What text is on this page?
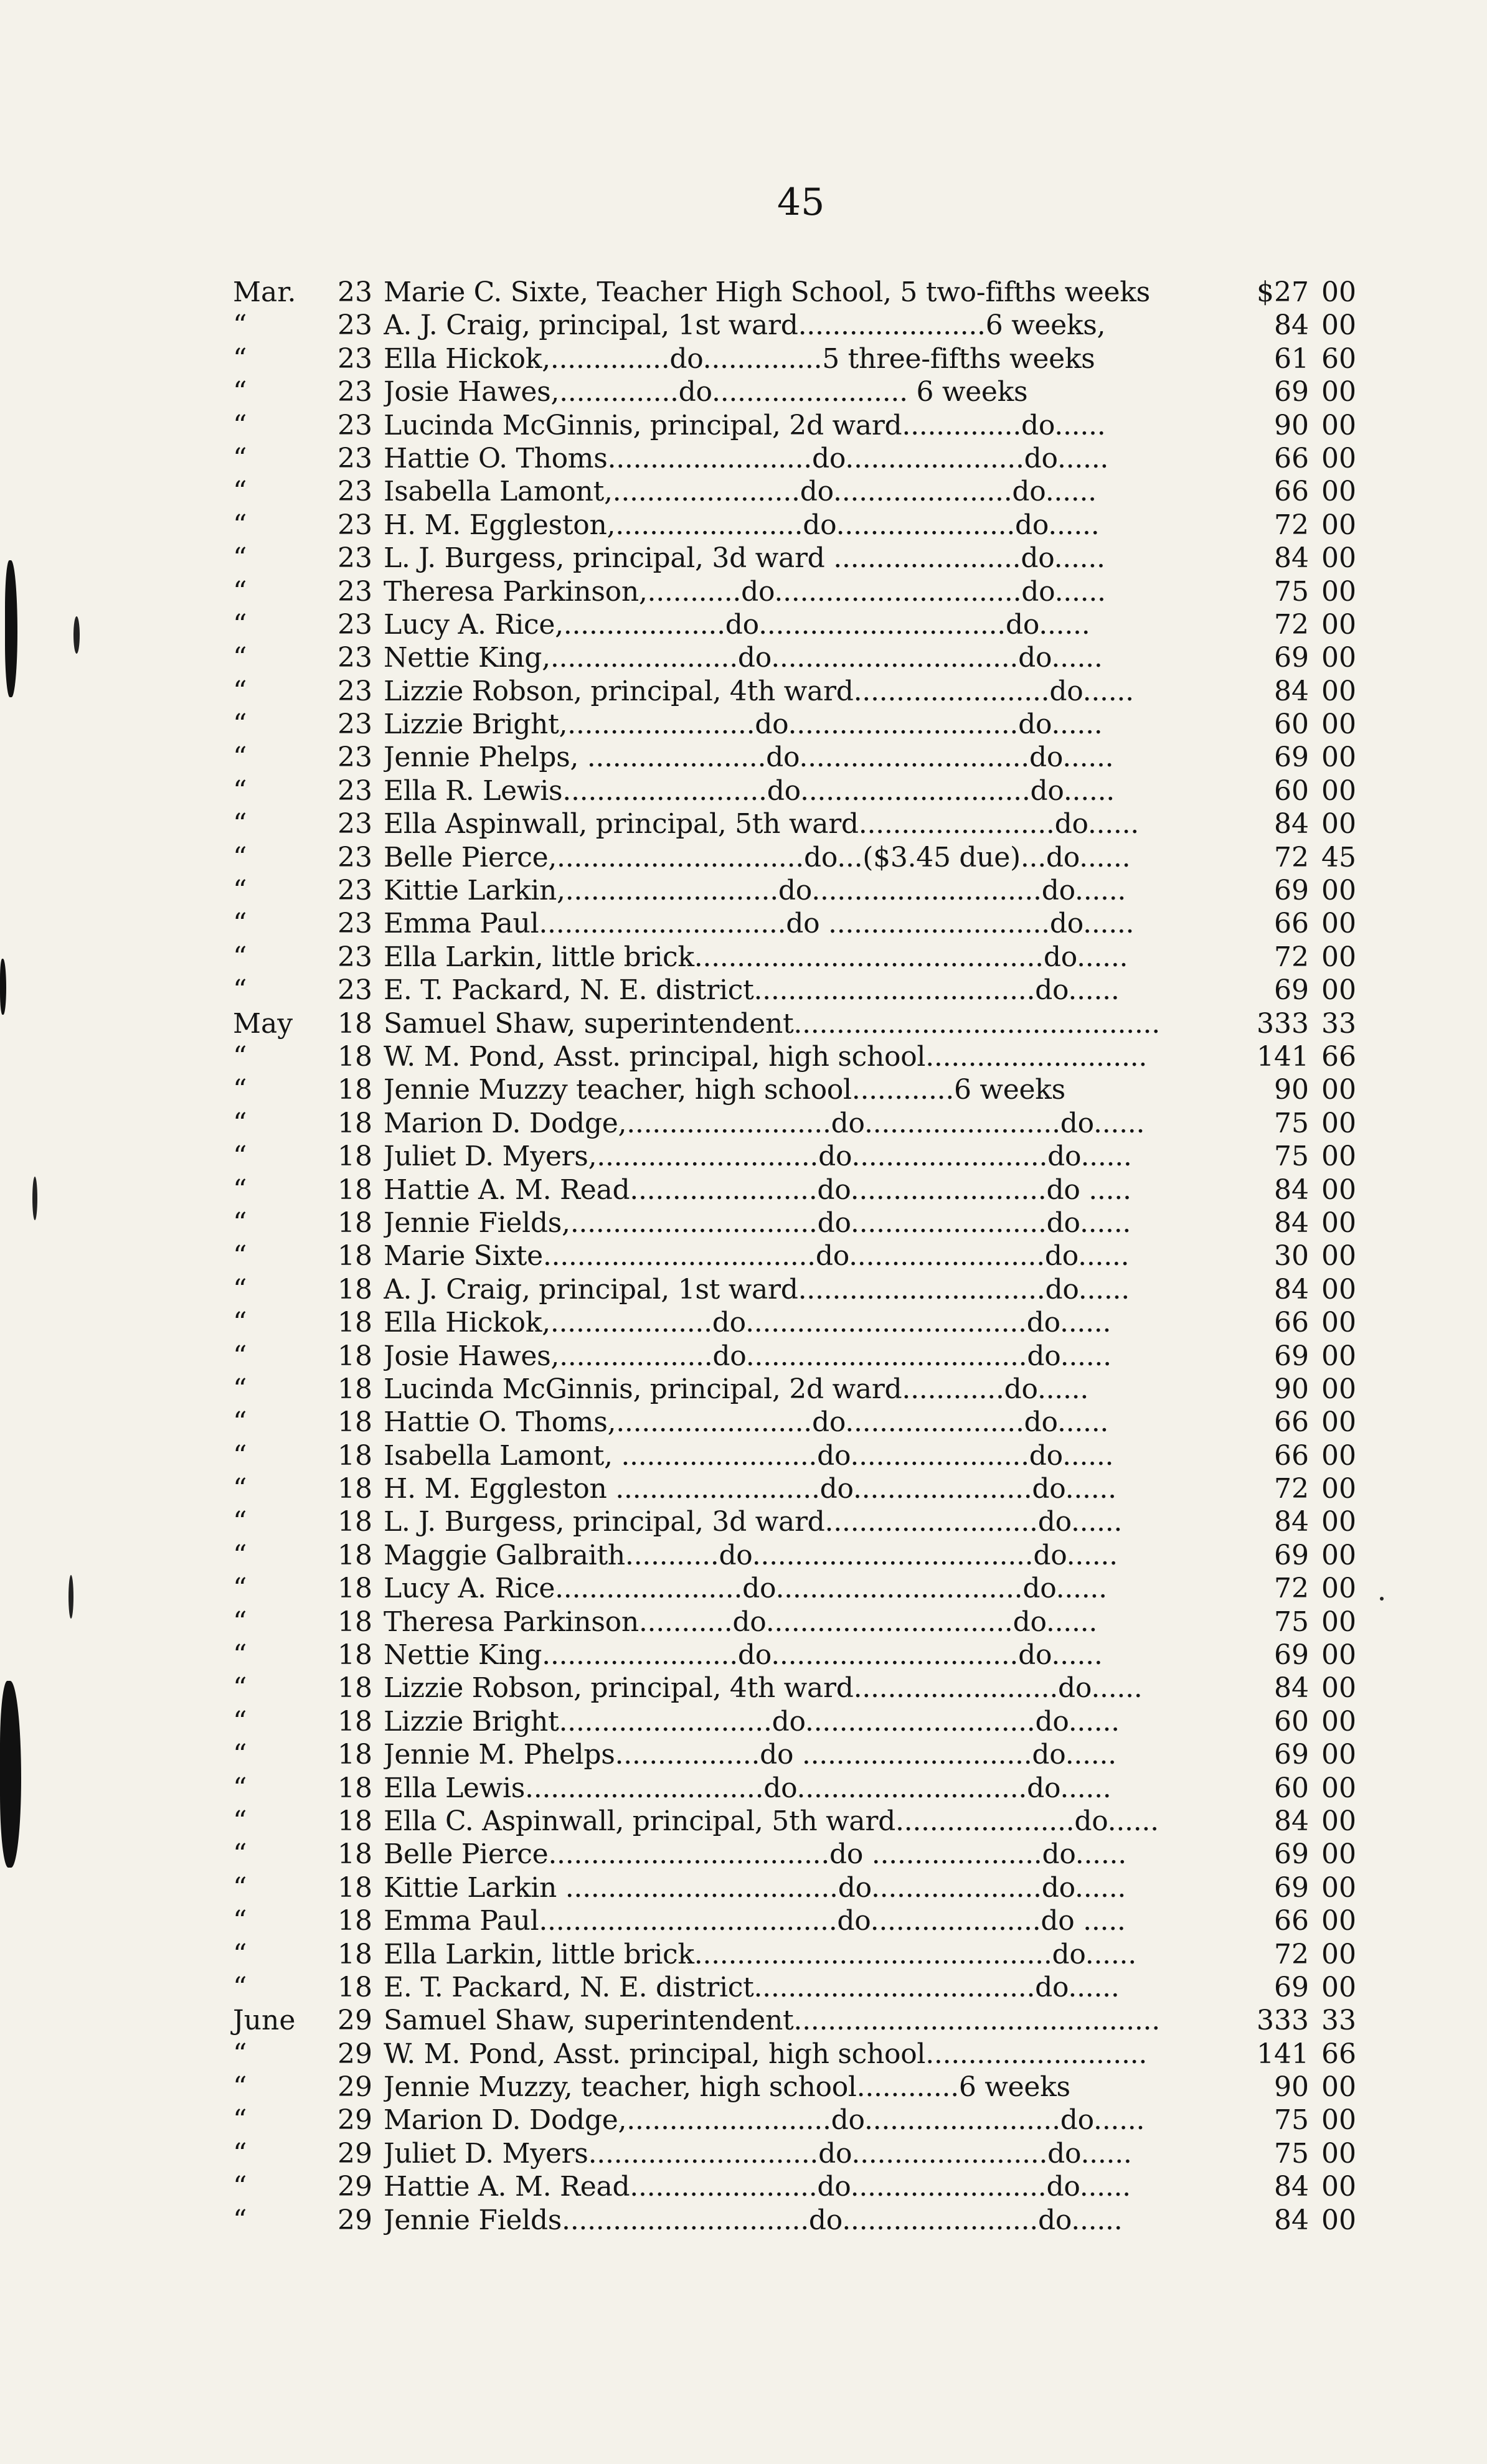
45
Mar.	23 Marie C. Sixte, Teacher High School, 5 two-fifths weeks	$27 00
“	23 A. J. Craig, principal, 1st ward......................6 weeks,	84 00
“	23 Ella Hickok,..............do..............5 three-fifths weeks	61 60
“	23 Josie Hawes,..............do....................... 6 weeks	69 00
“	23 Lucinda McGinnis, principal, 2d ward..............do......	90 00
“	23 Hattie O. Thoms........................do.....................do......	66 00
“	23 Isabella Lamont,......................do.....................do......	66 00
“	23 H. M. Eggleston,......................do.....................do......	72 00
“	23 L. J. Burgess, principal, 3d ward ......................do......	84 00
“	23 Theresa Parkinson,...........do.............................do......	75 00
“	23 Lucy A. Rice,...................do.............................do......	72 00
“	23 Nettie King,......................do.............................do......	69 00
“	23 Lizzie Robson, principal, 4th ward.......................do......	84 00
“	23 Lizzie Bright,......................do...........................do......	60 00
“	23 Jennie Phelps, .....................do...........................do......	69 00
“	23 Ella R. Lewis........................do...........................do......	60 00
“	23 Ella Aspinwall, principal, 5th ward.......................do......	84 00
“	23 Belle Pierce,.............................do...($3.45 due)...do......	72 45
“	23 Kittie Larkin,.........................do...........................do......	69 00
“	23 Emma Paul.............................do ..........................do......	66 00
“	23 Ella Larkin, little brick.........................................do......	72 00
“	23 E. T. Packard, N. E. district.................................do......	69 00
May	18 Samuel Shaw, superintendent...........................................	333 33
“	18 W. M. Pond, Asst. principal, high school..........................	141 66
“	18 Jennie Muzzy teacher, high school............6 weeks	90 00
“	18 Marion D. Dodge,........................do.......................do......	75 00
“	18 Juliet D. Myers,..........................do.......................do......	75 00
“	18 Hattie A. M. Read......................do.......................do .....	84 00
“	18 Jennie Fields,.............................do.......................do......	84 00
“	18 Marie Sixte................................do.......................do......	30 00
“	18 A. J. Craig, principal, 1st ward.............................do......	84 00
“	18 Ella Hickok,...................do.................................do......	66 00
“	18 Josie Hawes,..................do.................................do......	69 00
“	18 Lucinda McGinnis, principal, 2d ward............do......	90 00
“	18 Hattie O. Thoms,.......................do.....................do......	66 00
“	18 Isabella Lamont, .......................do.....................do......	66 00
“	18 H. M. Eggleston ........................do.....................do......	72 00
“	18 L. J. Burgess, principal, 3d ward.........................do......	84 00
“	18 Maggie Galbraith...........do.................................do......	69 00
“	18 Lucy A. Rice......................do.............................do......	72 00
“	18 Theresa Parkinson...........do.............................do......	75 00
“	18 Nettie King.......................do.............................do......	69 00
“	18 Lizzie Robson, principal, 4th ward........................do......	84 00
“	18 Lizzie Bright.........................do...........................do......	60 00
“	18 Jennie M. Phelps.................do ...........................do......	69 00
“	18 Ella Lewis............................do...........................do......	60 00
“	18 Ella C. Aspinwall, principal, 5th ward.....................do......	84 00
“	18 Belle Pierce.................................do ....................do......	69 00
“	18 Kittie Larkin ................................do....................do......	69 00
“	18 Emma Paul...................................do....................do .....	66 00
“	18 Ella Larkin, little brick..........................................do......	72 00
“	18 E. T. Packard, N. E. district.................................do......	69 00
June	29 Samuel Shaw, superintendent...........................................	333 33
“	29 W. M. Pond, Asst. principal, high school..........................	141 66
“	29 Jennie Muzzy, teacher, high school............6 weeks	90 00
“	29 Marion D. Dodge,........................do.......................do......	75 00
“	29 Juliet D. Myers...........................do.......................do......	75 00
“	29 Hattie A. M. Read......................do.......................do......	84 00
“	29 Jennie Fields.............................do.......................do......	84 00
